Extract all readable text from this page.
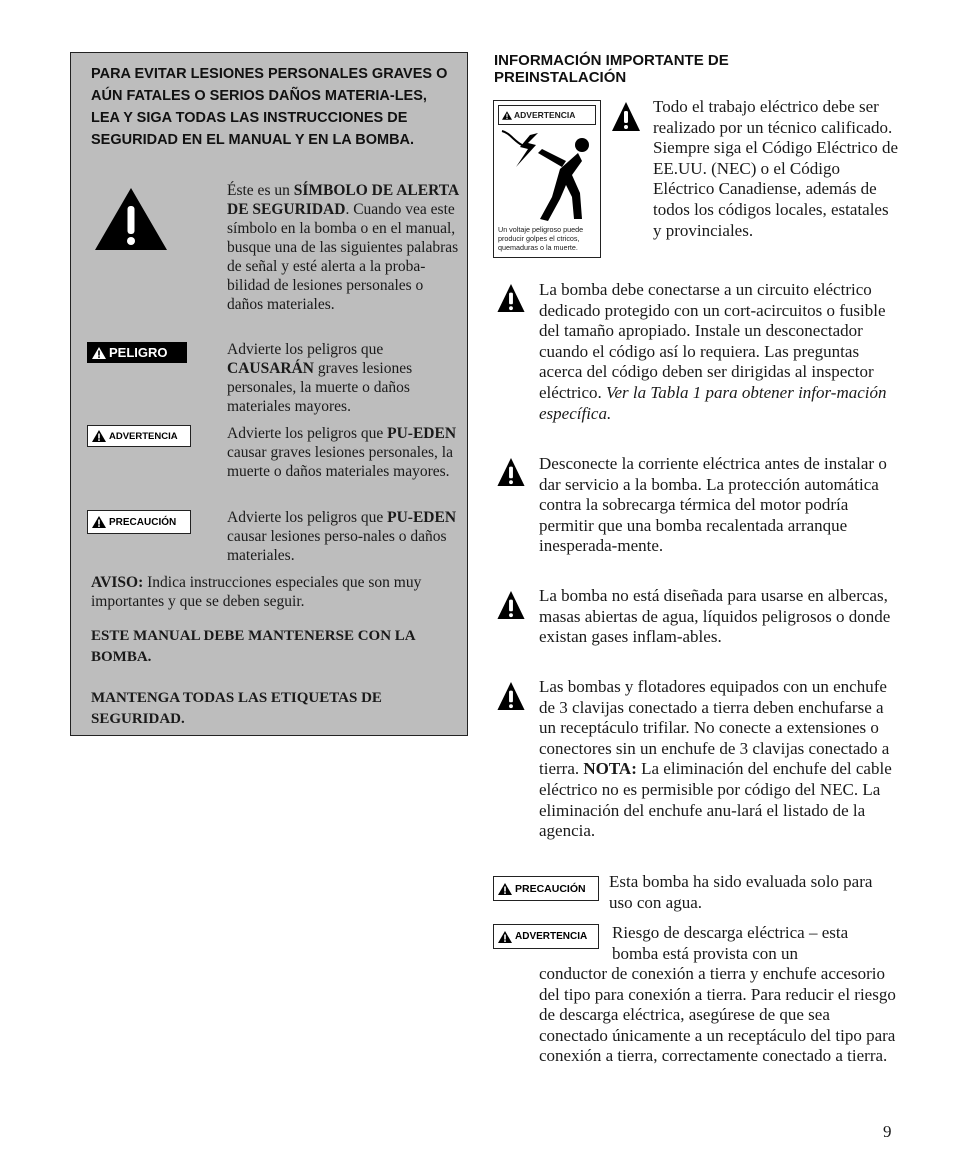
PARA EVITAR LESIONES PERSONALES GRAVES O AÚN FATALES O SERIOS DAÑOS MATERIA-LES, LEA Y SIGA TODAS LAS INSTRUCCIONES DE SEGURIDAD EN EL MANUAL Y EN LA BOMBA.
Éste es un SÍMBOLO DE ALERTA DE SEGURIDAD. Cuando vea este símbolo en la bomba o en el manual, busque una de las siguientes palabras de señal y esté alerta a la proba-bilidad de lesiones personales o daños materiales.
PELIGRO	Advierte los peligros que CAUSARÁN graves lesiones personales, la muerte o daños materiales mayores.
ADVERTENCIA	Advierte los peligros que PU-EDEN causar graves lesiones personales, la muerte o daños materiales mayores.
PRECAUCIÓN	Advierte los peligros que PU-EDEN causar lesiones perso-nales o daños materiales.
AVISO: Indica instrucciones especiales que son muy importantes y que se deben seguir.
ESTE MANUAL DEBE MANTENERSE CON LA BOMBA.
MANTENGA TODAS LAS ETIQUETAS DE SEGURIDAD.
INFORMACIÓN IMPORTANTE DE PREINSTALACIÓN
ADVERTENCIA
Un voltaje peligroso puede producir golpes el ctricos, quemaduras o la muerte.
Todo el trabajo eléctrico debe ser realizado por un técnico calificado. Siempre siga el Código Eléctrico de EE.UU. (NEC) o el Código Eléctrico Canadiense, además de todos los códigos locales, estatales y provinciales.
La bomba debe conectarse a un circuito eléctrico dedicado protegido con un cort-acircuitos o fusible del tamaño apropiado. Instale un desconectador cuando el código así lo requiera. Las preguntas acerca del código deben ser dirigidas al inspector eléctrico. Ver la Tabla 1 para obtener infor-mación específica.
Desconecte la corriente eléctrica antes de instalar o dar servicio a la bomba. La protección automática contra la sobrecarga térmica del motor podría permitir que una bomba recalentada arranque inesperada-mente.
La bomba no está diseñada para usarse en albercas, masas abiertas de agua, líquidos peligrosos o donde existan gases inflam-ables.
Las bombas y flotadores equipados con un enchufe de 3 clavijas conectado a tierra deben enchufarse a un receptáculo trifilar. No conecte a extensiones o conectores sin un enchufe de 3 clavijas conectado a tierra. NOTA: La eliminación del enchufe del cable eléctrico no es permisible por código del NEC. La eliminación del enchufe anu-lará el listado de la agencia.
PRECAUCIÓN Esta bomba ha sido evaluada solo para uso con agua.
ADVERTENCIA Riesgo de descarga eléctrica – esta bomba está provista con un
conductor de conexión a tierra y enchufe accesorio del tipo para conexión a tierra. Para reducir el riesgo de descarga eléctrica, asegúrese de que sea conectado únicamente a un receptáculo del tipo para conexión a tierra, correctamente conectado a tierra.
9
